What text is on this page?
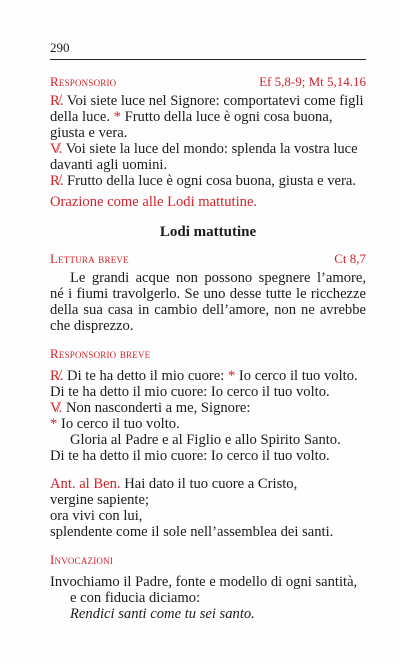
290
Responsorio	Ef 5,8-9; Mt 5,14.16

R̸. Voi siete luce nel Signore: comportatevi come figli della luce. * Frutto della luce è ogni cosa buona, giusta e vera.

V̸. Voi siete la luce del mondo: splenda la vostra luce davanti agli uomini.

R̸. Frutto della luce è ogni cosa buona, giusta e vera.

Orazione come alle Lodi mattutine.

Lodi mattutine
Lettura breve	Ct 8,7

Le grandi acque non possono spegnere l’amore, né i fiumi travolgerlo. Se uno desse tutte le ricchezze della sua casa in cambio dell’amore, non ne avrebbe che disprezzo.

Responsorio breve

R̸. Di te ha detto il mio cuore: * Io cerco il tuo volto.

Di te ha detto il mio cuore: Io cerco il tuo volto.

V̸. Non nasconderti a me, Signore:

* Io cerco il tuo volto.

Gloria al Padre e al Figlio e allo Spirito Santo.

Di te ha detto il mio cuore: Io cerco il tuo volto.

Ant. al Ben. Hai dato il tuo cuore a Cristo,

vergine sapiente;

ora vivi con lui,

splendente come il sole nell’assemblea dei santi.

Invocazioni

Invochiamo il Padre, fonte e modello di ogni santità, e con fiducia diciamo:

Rendici santi come tu sei santo.
